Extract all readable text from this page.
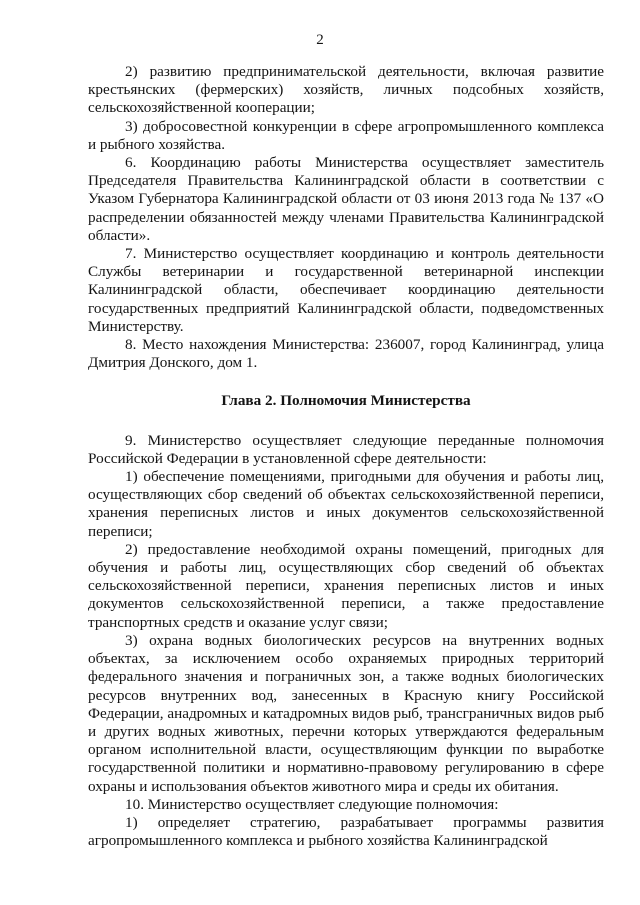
2

2) развитию предпринимательской деятельности, включая развитие крестьянских (фермерских) хозяйств, личных подсобных хозяйств, сельскохозяйственной кооперации;

3) добросовестной конкуренции в сфере агропромышленного комплекса и рыбного хозяйства.

6. Координацию работы Министерства осуществляет заместитель Председателя Правительства Калининградской области в соответствии с Указом Губернатора Калининградской области от 03 июня 2013 года № 137 «О распределении обязанностей между членами Правительства Калининградской области».

7. Министерство осуществляет координацию и контроль деятельности Службы ветеринарии и государственной ветеринарной инспекции Калининградской области, обеспечивает координацию деятельности государственных предприятий Калининградской области, подведомственных Министерству.

8. Место нахождения Министерства: 236007, город Калининград, улица Дмитрия Донского, дом 1.

Глава 2. Полномочия Министерства

9. Министерство осуществляет следующие переданные полномочия Российской Федерации в установленной сфере деятельности:

1) обеспечение помещениями, пригодными для обучения и работы лиц, осуществляющих сбор сведений об объектах сельскохозяйственной переписи, хранения переписных листов и иных документов сельскохозяйственной переписи;

2) предоставление необходимой охраны помещений, пригодных для обучения и работы лиц, осуществляющих сбор сведений об объектах сельскохозяйственной переписи, хранения переписных листов и иных документов сельскохозяйственной переписи, а также предоставление транспортных средств и оказание услуг связи;

3) охрана водных биологических ресурсов на внутренних водных объектах, за исключением особо охраняемых природных территорий федерального значения и пограничных зон, а также водных биологических ресурсов внутренних вод, занесенных в Красную книгу Российской Федерации, анадромных и катадромных видов рыб, трансграничных видов рыб и других водных животных, перечни которых утверждаются федеральным органом исполнительной власти, осуществляющим функции по выработке государственной политики и нормативно-правовому регулированию в сфере охраны и использования объектов животного мира и среды их обитания.

10. Министерство осуществляет следующие полномочия:

1) определяет стратегию, разрабатывает программы развития агропромышленного комплекса и рыбного хозяйства Калининградской
